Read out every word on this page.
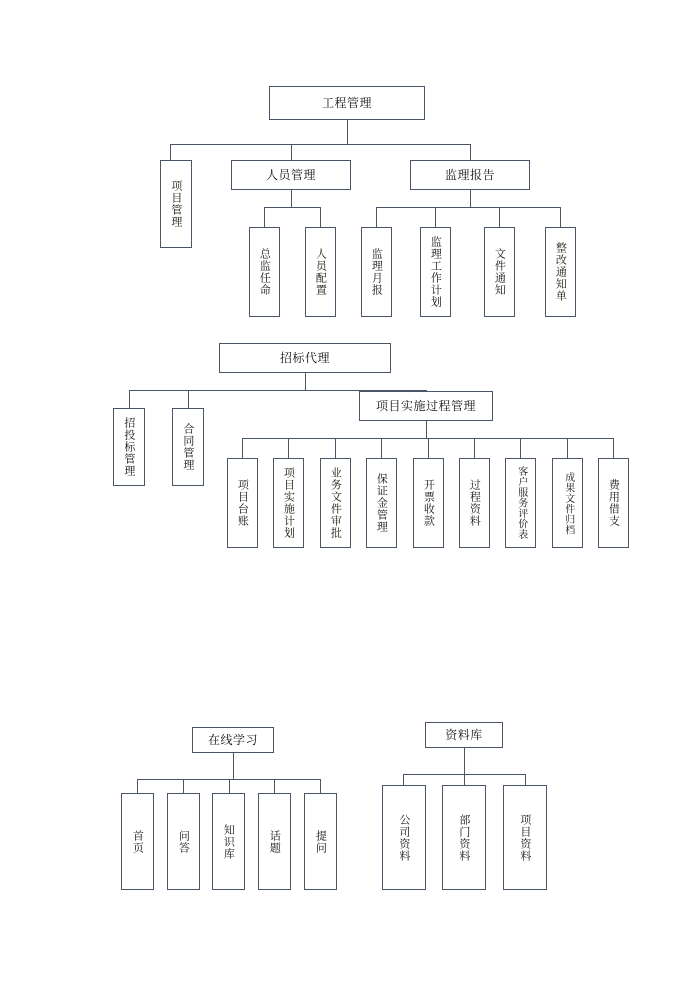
工程管理
项目管理
人员管理	监理报告
总监任命	人员配置	监理月报	监理工作计划	文件通知	整改通知单
招标代理
招投标管理	合同管理
项目实施过程管理
项目台账	项目实施计划	业务文件审批	保证金管理	开票收款	过程资料	客户服务评价表	成果文件归档	费用借支
在线学习
首页	问答	知识库	话题	提问
资料库
公司资料	部门资料	项目资料
